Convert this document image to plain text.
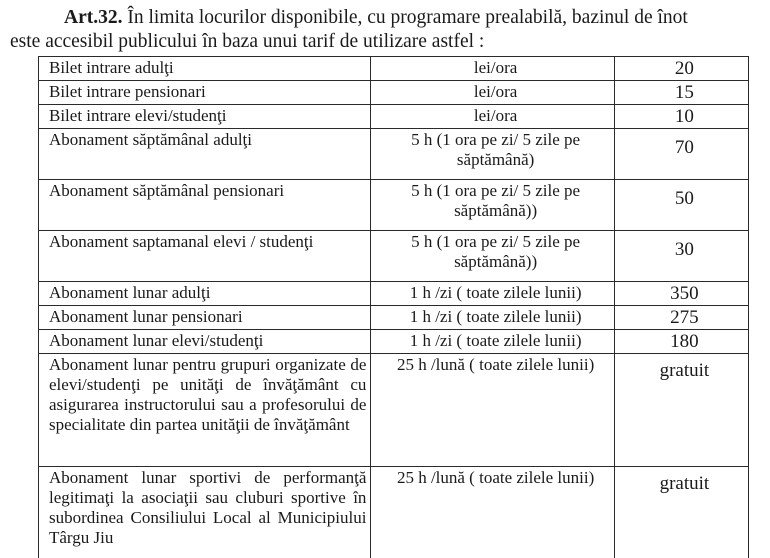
Art.32. În limita locurilor disponibile, cu programare prealabilă, bazinul de înot
este accesibil publicului în baza unui tarif de utilizare astfel :
Bilet intrare adulţi	lei/ora	20
Bilet intrare pensionari	lei/ora	15
Bilet intrare elevi/studenţi	lei/ora	10
Abonament săptămânal adulţi	5 h (1 ora pe zi/ 5 zile pe săptămână)	70
Abonament săptămânal pensionari	5 h (1 ora pe zi/ 5 zile pe săptămână))	50
Abonament saptamanal elevi / studenţi	5 h (1 ora pe zi/ 5 zile pe săptămână))	30
Abonament lunar adulţi	1 h /zi ( toate zilele lunii)	350
Abonament lunar pensionari	1 h /zi ( toate zilele lunii)	275
Abonament lunar elevi/studenţi	1 h /zi ( toate zilele lunii)	180
Abonament lunar pentru grupuri organizate de elevi/studenţi pe unităţi de învăţământ cu asigurarea instructorului sau a profesorului de specialitate din partea unităţii de învăţământ	25 h /lună ( toate zilele lunii)	gratuit
Abonament lunar sportivi de performanţă legitimaţi la asociaţii sau cluburi sportive în subordinea Consiliului Local al Municipiului Târgu Jiu	25 h /lună ( toate zilele lunii)	gratuit
